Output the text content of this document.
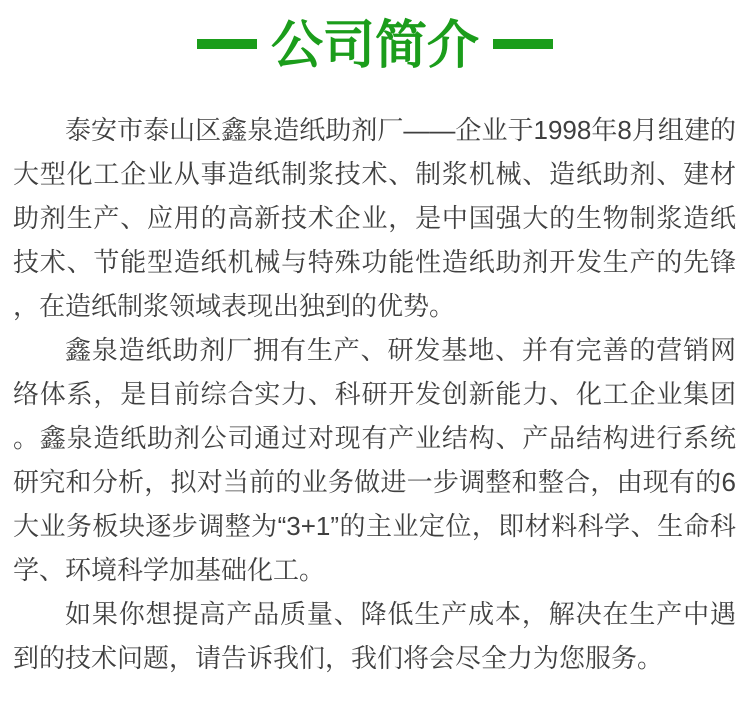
公司简介

泰安市泰山区鑫泉造纸助剂厂——企业于1998年8月组建的大型化工企业从事造纸制浆技术、制浆机械、造纸助剂、建材助剂生产、应用的高新技术企业，是中国强大的生物制浆造纸技术、节能型造纸机械与特殊功能性造纸助剂开发生产的先锋，在造纸制浆领域表现出独到的优势。

鑫泉造纸助剂厂拥有生产、研发基地、并有完善的营销网络体系，是目前综合实力、科研开发创新能力、化工企业集团。鑫泉造纸助剂公司通过对现有产业结构、产品结构进行系统研究和分析，拟对当前的业务做进一步调整和整合，由现有的6大业务板块逐步调整为“3+1”的主业定位，即材料科学、生命科学、环境科学加基础化工。

如果你想提高产品质量、降低生产成本，解决在生产中遇到的技术问题，请告诉我们，我们将会尽全力为您服务。
